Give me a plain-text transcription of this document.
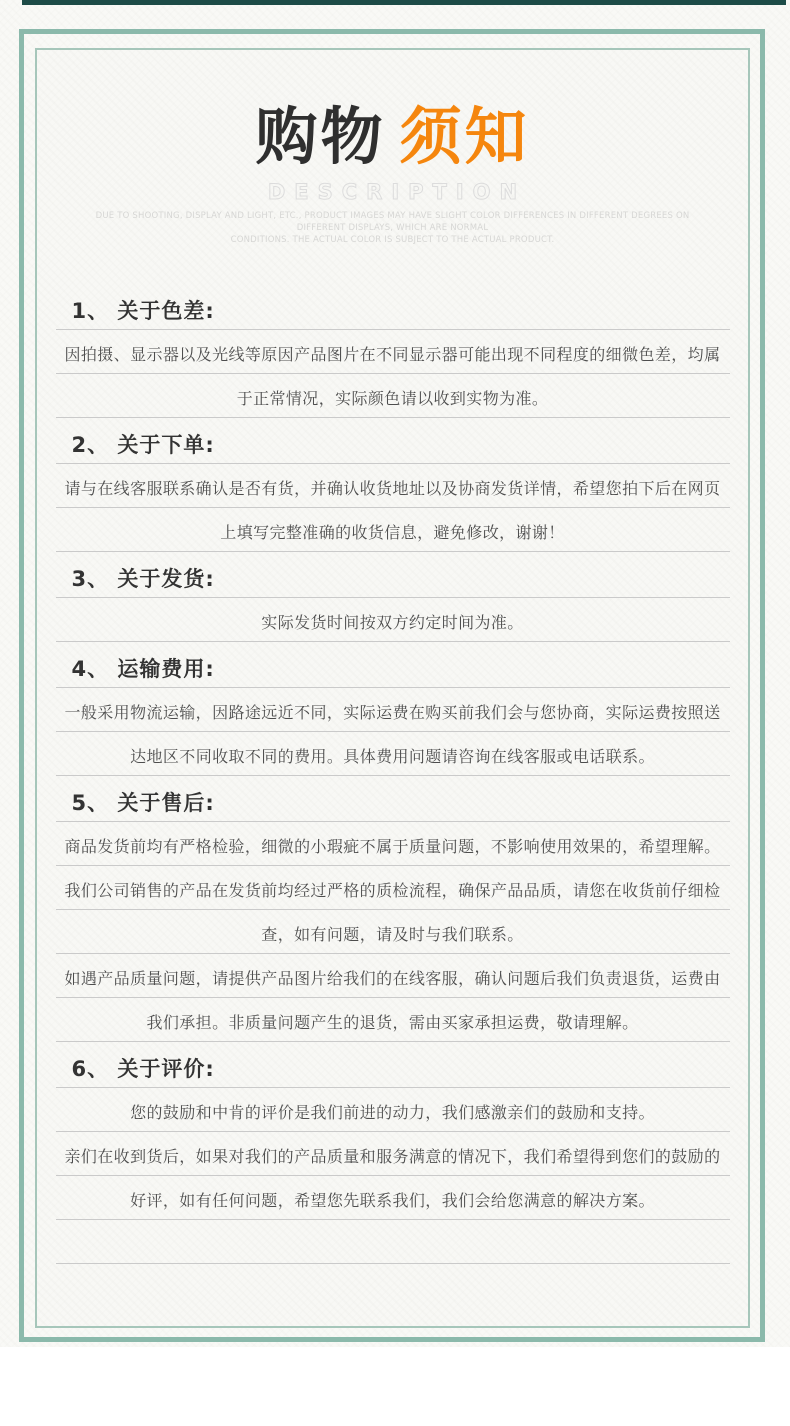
购物 须知
DESCRIPTION

DUE TO SHOOTING, DISPLAY AND LIGHT, ETC., PRODUCT IMAGES MAY HAVE SLIGHT COLOR DIFFERENCES IN DIFFERENT DEGREES ON DIFFERENT DISPLAYS, WHICH ARE NORMAL

CONDITIONS. THE ACTUAL COLOR IS SUBJECT TO THE ACTUAL PRODUCT.

1、 关于色差:
因拍摄、显示器以及光线等原因产品图片在不同显示器可能出现不同程度的细微色差，均属
于正常情况，实际颜色请以收到实物为准。
2、 关于下单:
请与在线客服联系确认是否有货，并确认收货地址以及协商发货详情，希望您拍下后在网页
上填写完整准确的收货信息，避免修改，谢谢！
3、 关于发货:
实际发货时间按双方约定时间为准。
4、 运输费用:
一般采用物流运输，因路途远近不同，实际运费在购买前我们会与您协商，实际运费按照送
达地区不同收取不同的费用。具体费用问题请咨询在线客服或电话联系。
5、 关于售后:
商品发货前均有严格检验，细微的小瑕疵不属于质量问题，不影响使用效果的，希望理解。
我们公司销售的产品在发货前均经过严格的质检流程，确保产品品质，请您在收货前仔细检
查，如有问题，请及时与我们联系。
如遇产品质量问题，请提供产品图片给我们的在线客服，确认问题后我们负责退货，运费由
我们承担。非质量问题产生的退货，需由买家承担运费，敬请理解。
6、 关于评价:
您的鼓励和中肯的评价是我们前进的动力，我们感激亲们的鼓励和支持。
亲们在收到货后，如果对我们的产品质量和服务满意的情况下，我们希望得到您们的鼓励的
好评，如有任何问题，希望您先联系我们，我们会给您满意的解决方案。
